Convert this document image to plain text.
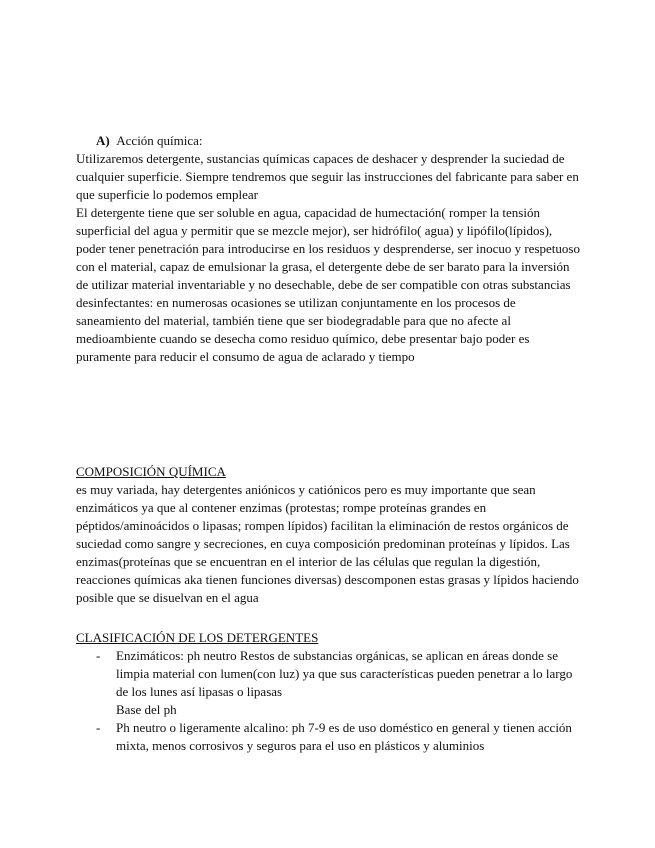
A) Acción química:

Utilizaremos detergente, sustancias químicas capaces de deshacer y desprender la suciedad de cualquier superficie. Siempre tendremos que seguir las instrucciones del fabricante para saber en que superficie lo podemos emplear

El detergente tiene que ser soluble en agua, capacidad de humectación( romper la tensión superficial del agua y permitir que se mezcle mejor), ser hidrófilo( agua) y lipófilo(lípidos), poder tener penetración para introducirse en los residuos y desprenderse, ser inocuo y respetuoso con el material, capaz de emulsionar la grasa, el detergente debe de ser barato para la inversión de utilizar material inventariable y no desechable, debe de ser compatible con otras substancias desinfectantes: en numerosas ocasiones se utilizan conjuntamente en los procesos de saneamiento del material, también tiene que ser biodegradable para que no afecte al medioambiente cuando se desecha como residuo químico, debe presentar bajo poder es puramente para reducir el consumo de agua de aclarado y tiempo

COMPOSICIÓN QUÍMICA

es muy variada, hay detergentes aniónicos y catiónicos pero es muy importante que sean enzimáticos ya que al contener enzimas (protestas; rompe proteínas grandes en péptidos/aminoácidos o lipasas; rompen lípidos) facilitan la eliminación de restos orgánicos de suciedad como sangre y secreciones, en cuya composición predominan proteínas y lípidos. Las enzimas(proteínas que se encuentran en el interior de las células que regulan la digestión, reacciones químicas aka tienen funciones diversas) descomponen estas grasas y lípidos haciendo posible que se disuelvan en el agua

CLASIFICACIÓN DE LOS DETERGENTES

- Enzimáticos: ph neutro Restos de substancias orgánicas, se aplican en áreas donde se limpia material con lumen(con luz) ya que sus características pueden penetrar a lo largo de los lunes así lipasas o lipasas
Base del ph
- Ph neutro o ligeramente alcalino: ph 7-9 es de uso doméstico en general y tienen acción mixta, menos corrosivos y seguros para el uso en plásticos y aluminios
